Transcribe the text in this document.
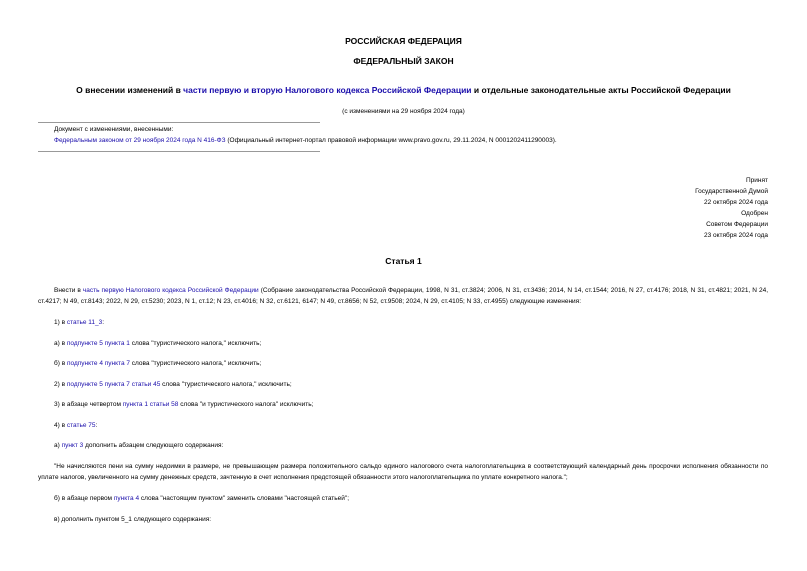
РОССИЙСКАЯ ФЕДЕРАЦИЯ
ФЕДЕРАЛЬНЫЙ ЗАКОН
О внесении изменений в части первую и вторую Налогового кодекса Российской Федерации и отдельные законодательные акты Российской Федерации
(с изменениями на 29 ноября 2024 года)
Документ с изменениями, внесенными:
Федеральным законом от 29 ноября 2024 года N 416-ФЗ (Официальный интернет-портал правовой информации www.pravo.gov.ru, 29.11.2024, N 0001202411290003).
Принят
Государственной Думой
22 октября 2024 года
Одобрен
Советом Федерации
23 октября 2024 года
Статья 1
Внести в часть первую Налогового кодекса Российской Федерации (Собрание законодательства Российской Федерации, 1998, N 31, ст.3824; 2006, N 31, ст.3436; 2014, N 14, ст.1544; 2016, N 27, ст.4176; 2018, N 31, ст.4821; 2021, N 24, ст.4217; N 49, ст.8143; 2022, N 29, ст.5230; 2023, N 1, ст.12; N 23, ст.4016; N 32, ст.6121, 6147; N 49, ст.8656; N 52, ст.9508; 2024, N 29, ст.4105; N 33, ст.4955) следующие изменения:
1) в статье 11_3:
а) в подпункте 5 пункта 1 слова "туристического налога," исключить;
б) в подпункте 4 пункта 7 слова "туристического налога," исключить;
2) в подпункте 5 пункта 7 статьи 45 слова "туристического налога," исключить;
3) в абзаце четвертом пункта 1 статьи 58 слова "и туристического налога" исключить;
4) в статье 75:
а) пункт 3 дополнить абзацем следующего содержания:
"Не начисляются пени на сумму недоимки в размере, не превышающем размера положительного сальдо единого налогового счета налогоплательщика в соответствующий календарный день просрочки исполнения обязанности по уплате налогов, увеличенного на сумму денежных средств, зачтенную в счет исполнения предстоящей обязанности этого налогоплательщика по уплате конкретного налога.";
б) в абзаце первом пункта 4 слова "настоящим пунктом" заменить словами "настоящей статьей";
в) дополнить пунктом 5_1 следующего содержания:
